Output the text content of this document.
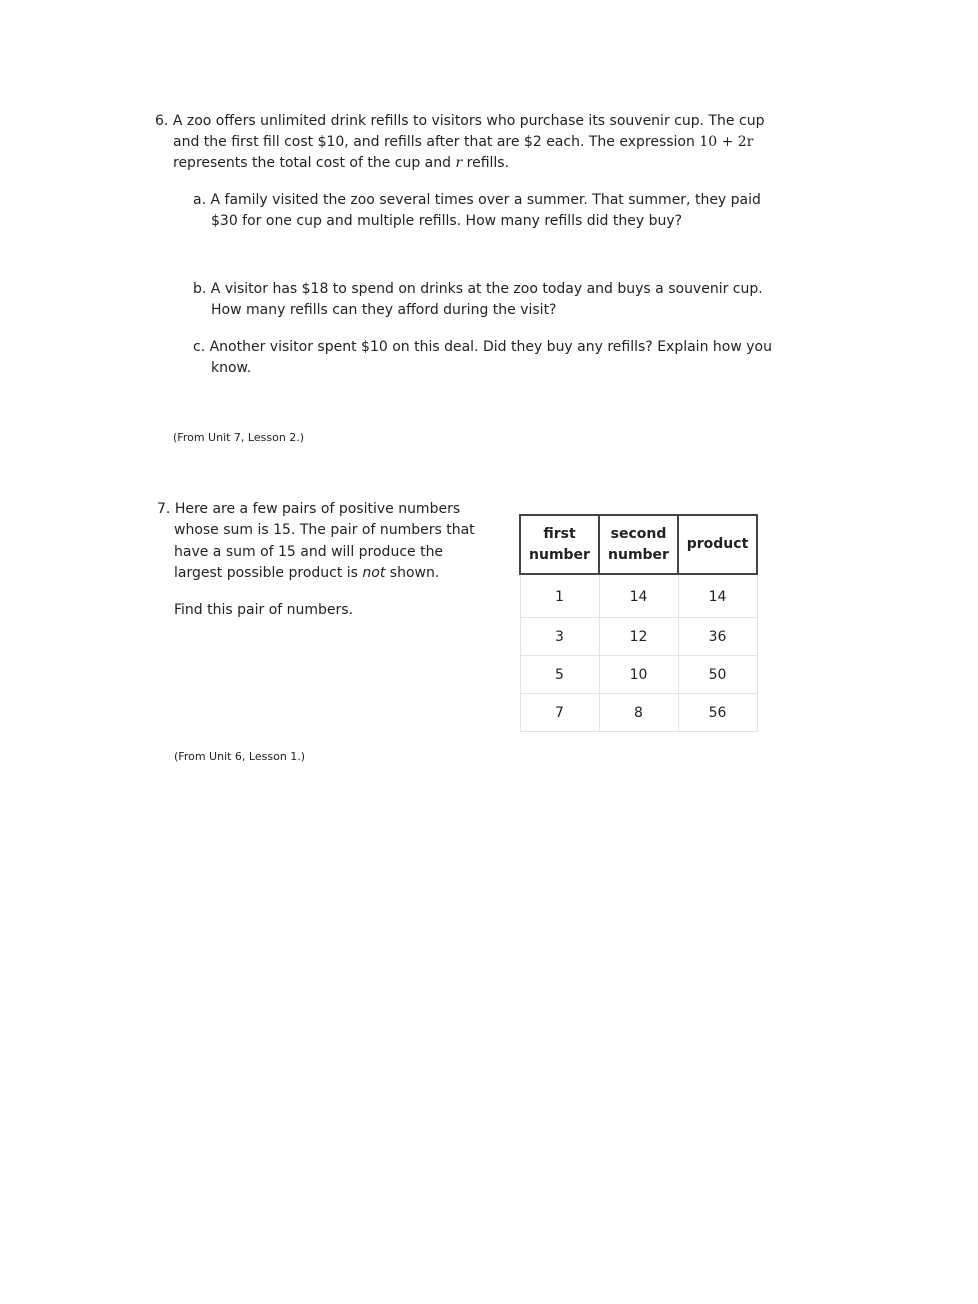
6. A zoo offers unlimited drink refills to visitors who purchase its souvenir cup. The cup

and the first fill cost $10, and refills after that are $2 each. The expression 10 + 2r

represents the total cost of the cup and r refills.

a. A family visited the zoo several times over a summer. That summer, they paid

$30 for one cup and multiple refills. How many refills did they buy?

b. A visitor has $18 to spend on drinks at the zoo today and buys a souvenir cup.

How many refills can they afford during the visit?

c. Another visitor spent $10 on this deal. Did they buy any refills? Explain how you

know.

(From Unit 7, Lesson 2.)

7. Here are a few pairs of positive numbers

whose sum is 15. The pair of numbers that

have a sum of 15 and will produce the

largest possible product is not shown.

Find this pair of numbers.

first
number	second
number	product
1	14	14
3	12	36
5	10	50
7	8	56
(From Unit 6, Lesson 1.)
